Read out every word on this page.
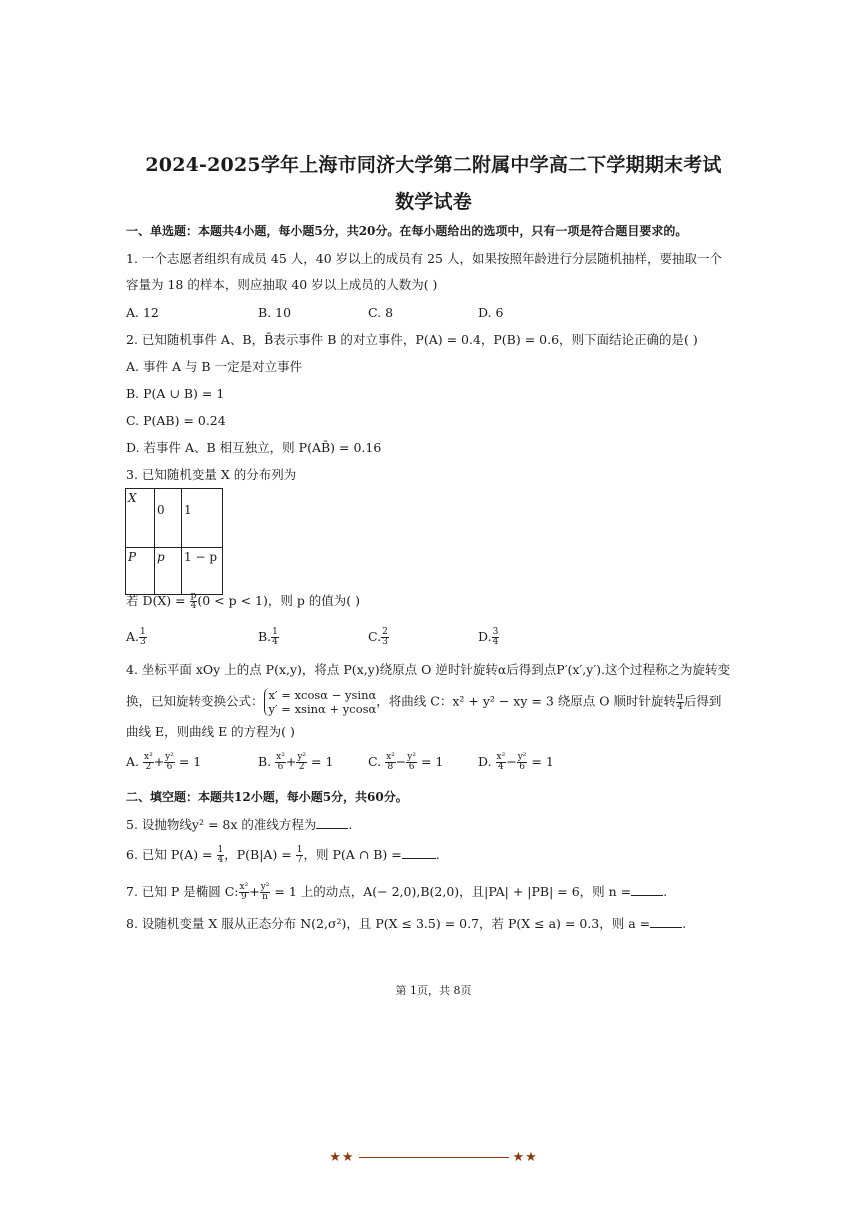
2024-2025学年上海市同济大学第二附属中学高二下学期期末考试
数学试卷
一、单选题：本题共4小题，每小题5分，共20分。在每小题给出的选项中，只有一项是符合题目要求的。
1. 一个志愿者组织有成员 45 人，40 岁以上的成员有 25 人，如果按照年龄进行分层随机抽样，要抽取一个
容量为 18 的样本，则应抽取 40 岁以上成员的人数为( )
A. 12	B. 10	C. 8	D. 6
2. 已知随机事件 A、B，B̄表示事件 B 的对立事件，P(A) = 0.4，P(B) = 0.6，则下面结论正确的是( )
A. 事件 A 与 B 一定是对立事件
B. P(A ∪ B) = 1
C. P(AB) = 0.24
D. 若事件 A、B 相互独立，则 P(AB̄) = 0.16
3. 已知随机变量 X 的分布列为
X	0	1
P	p	1 − p
若 $D(X) = \frac{p}{4} (0 < p < 1)$，则 p 的值为( )
A. $\frac{1}{3}$	B. $\frac{1}{4}$	C. $\frac{2}{3}$	D. $\frac{3}{4}$
4. 坐标平面 xOy 上的点 P(x,y)，将点 P(x,y)绕原点 O 逆时针旋转α后得到点P′(x′,y′).这个过程称之为旋转变
换，已知旋转变换公式： x′ = xcosα − ysinα
y′ = xsinα + ycosα
，将曲线 C：x² + y² − xy = 3 绕原点 O 顺时针旋转 $\frac{\pi}{4}$ 后得到
曲线 E，则曲线 E 的方程为( )
A. $\frac{\text{x²}}{2} + \frac{\text{y²}}{6} = 1$	B. $\frac{\text{x²}}{6} + \frac{\text{y²}}{2} = 1$	C. $\frac{\text{x²}}{8} - \frac{\text{y²}}{6} = 1$	D. $\frac{\text{x²}}{4} - \frac{\text{y²}}{6} = 1$
二、填空题：本题共12小题，每小题5分，共60分。
5. 设抛物线y² = 8x 的准线方程为	.
6. 已知 $P(A) = \frac{1}{4}$ ，$P(B|A) = \frac{1}{7}$ ，则 P(A ∩ B) =	.
7. 已知 P 是椭圆 C: $\frac{\text{x²}}{9} + \frac{\text{y²}}{n} = 1$ 上的动点，A(− 2,0),B(2,0)，且|PA| + |PB| = 6，则 n =	.
8. 设随机变量 X 服从正态分布 N(2,σ²)，且 P(X ≤ 3.5) = 0.7，若 P(X ≤ a) = 0.3，则 a =	.
第 1页，共 8页
★★	★★
